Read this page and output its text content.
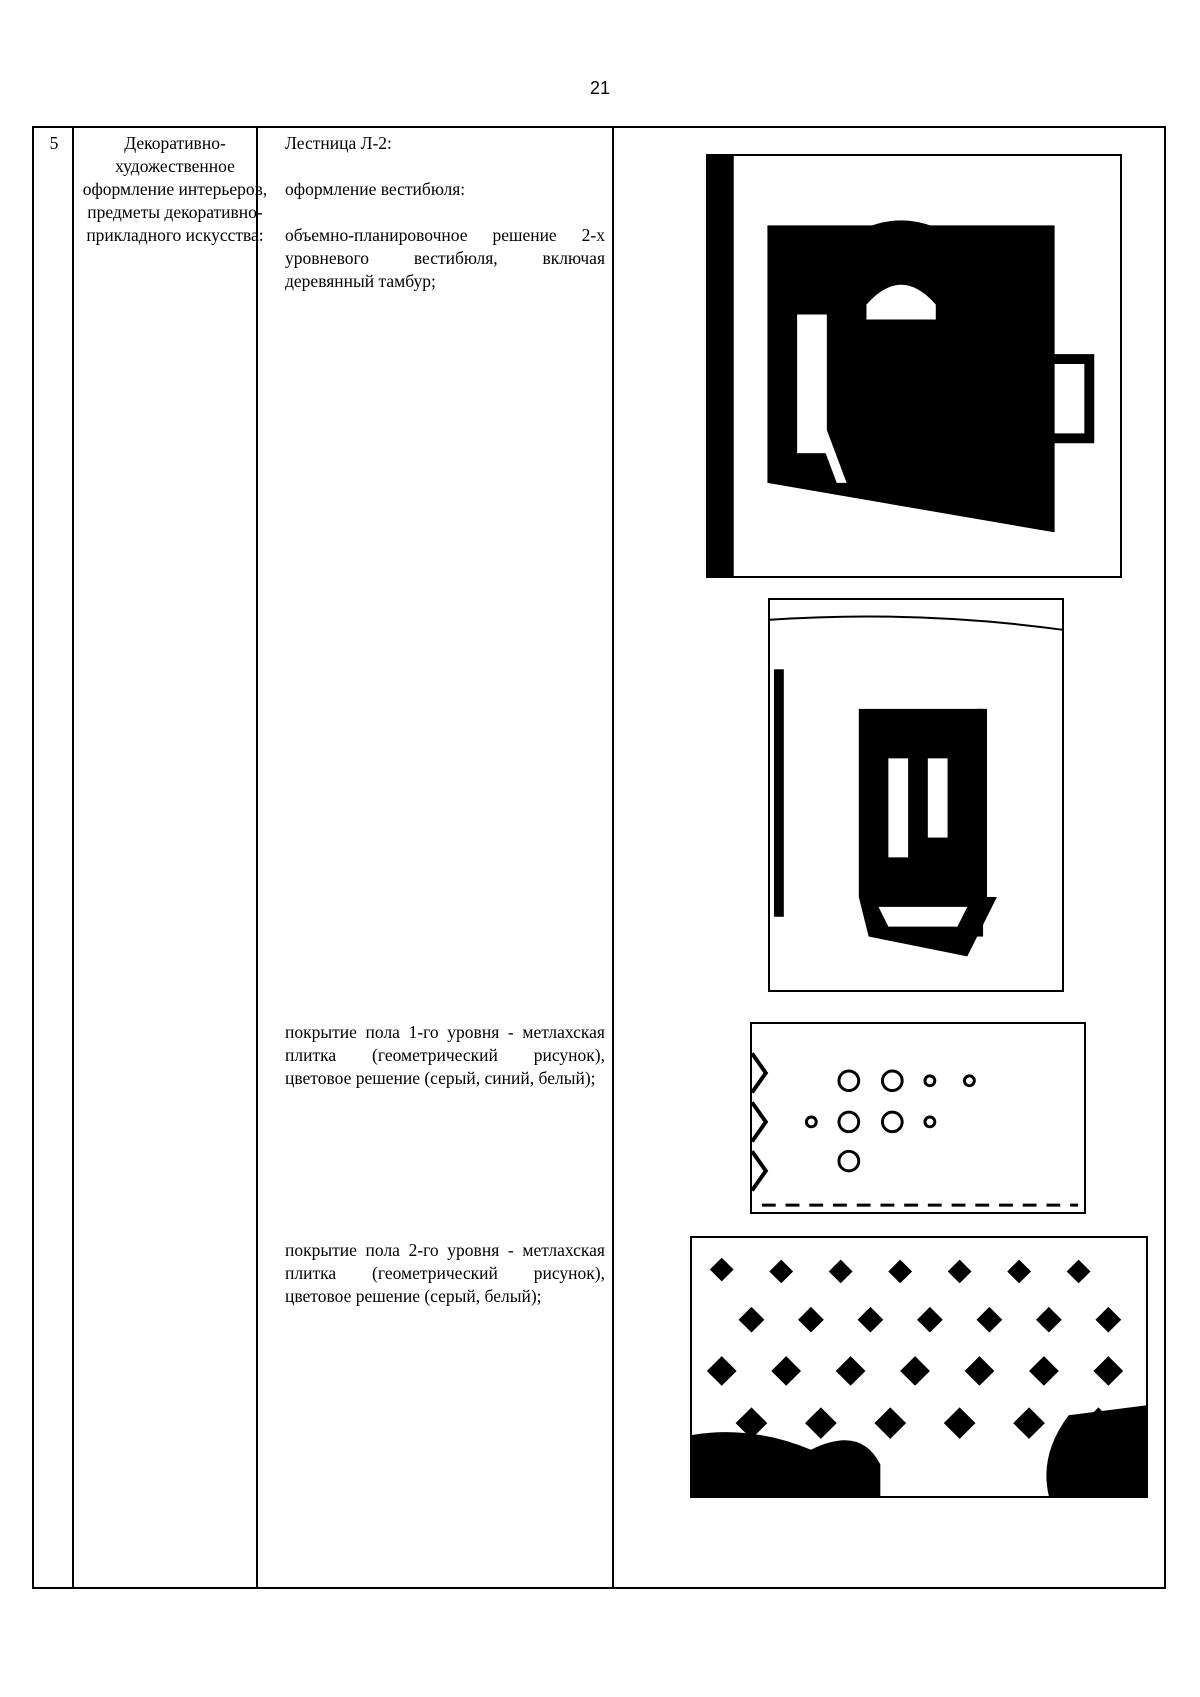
21
5	Декоративно-художественное оформление интерьеров, предметы декоративно-прикладного искусства:

Лестница Л-2:

оформление вестибюля:

объемно-планировочное решение 2-х уровневого вестибюля, включая деревянный тамбур;

покрытие пола 1-го уровня - метлахская плитка (геометрический рисунок), цветовое решение (серый, синий, белый);
покрытие пола 2-го уровня - метлахская плитка (геометрический рисунок), цветовое решение (серый, белый);
